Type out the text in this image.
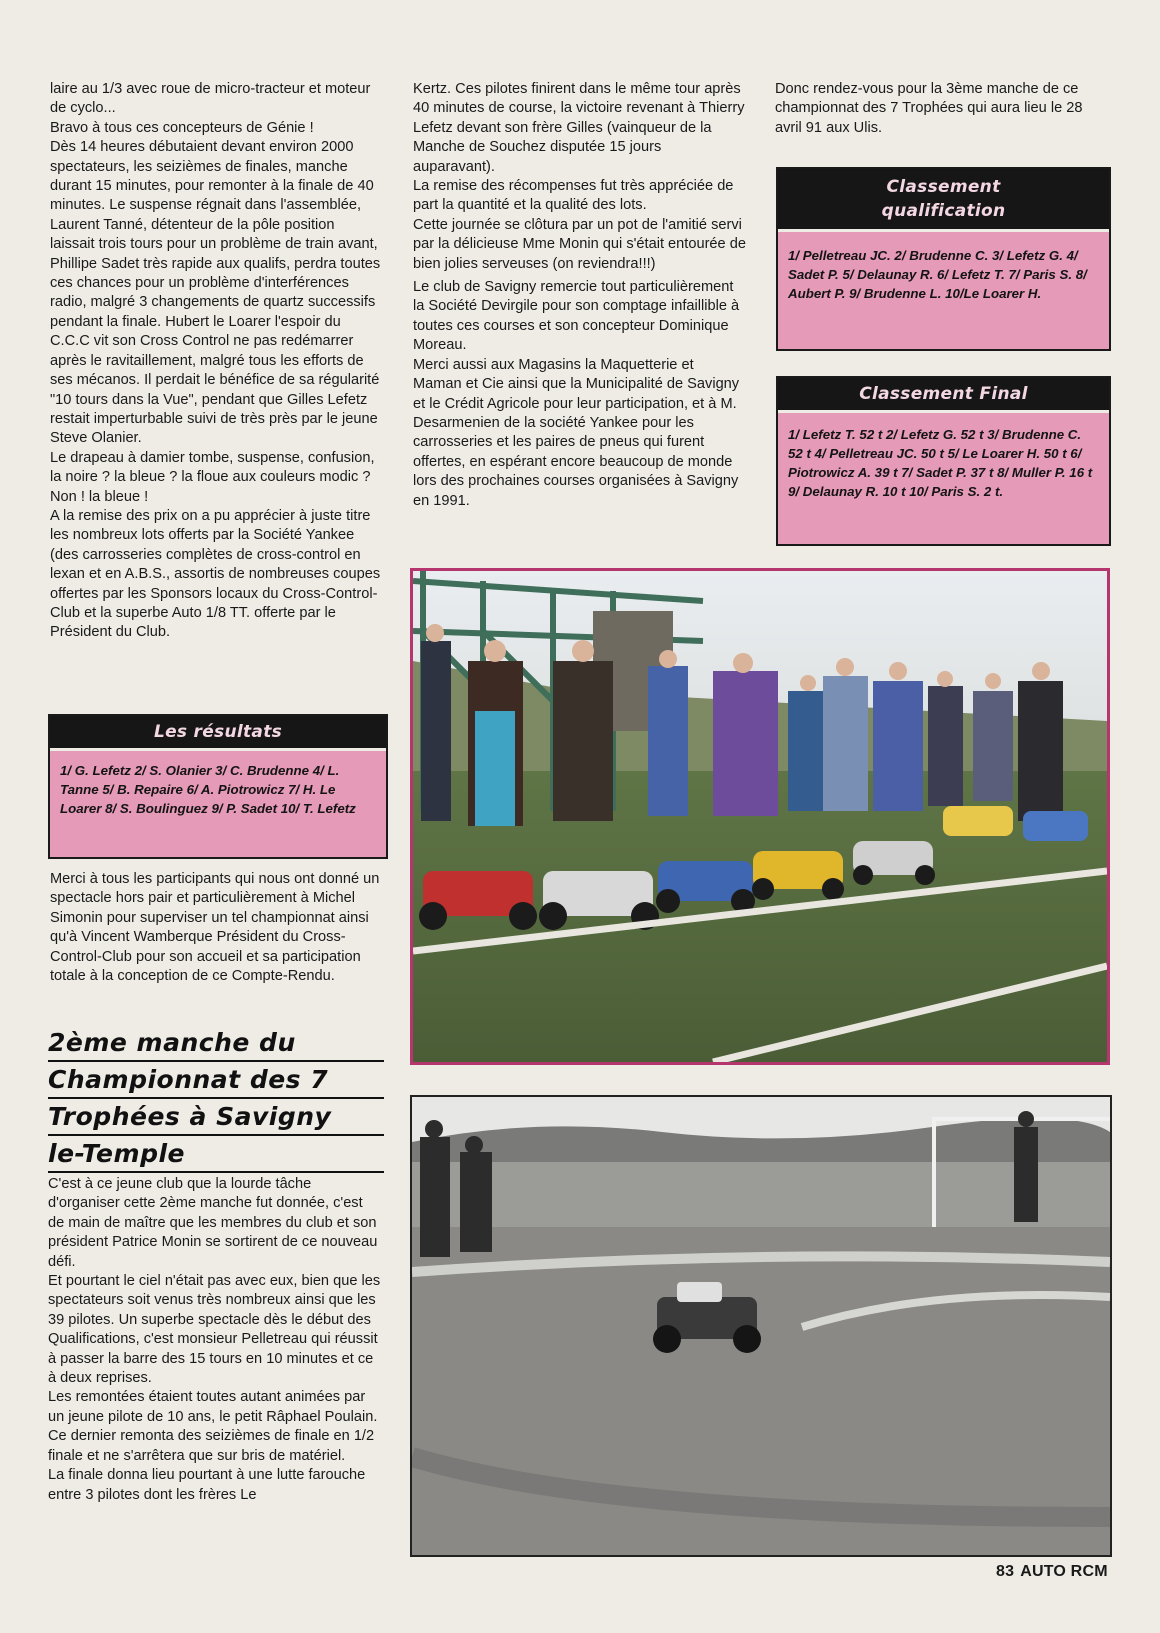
laire au 1/3 avec roue de micro-tracteur et moteur de cyclo...

Bravo à tous ces concepteurs de Génie !

Dès 14 heures débutaient devant environ 2000 spectateurs, les seizièmes de finales, manche durant 15 minutes, pour remonter à la finale de 40 minutes. Le suspense régnait dans l'assemblée, Laurent Tanné, détenteur de la pôle position laissait trois tours pour un problème de train avant, Phillipe Sadet très rapide aux qualifs, perdra toutes ces chances pour un problème d'interférences radio, malgré 3 changements de quartz successifs pendant la finale. Hubert le Loarer l'espoir du C.C.C vit son Cross Control ne pas redémarrer après le ravitaillement, malgré tous les efforts de ses mécanos. Il perdait le bénéfice de sa régularité "10 tours dans la Vue", pendant que Gilles Lefetz restait imperturbable suivi de très près par le jeune Steve Olanier.

Le drapeau à damier tombe, suspense, confusion, la noire ? la bleue ? la floue aux couleurs modic ? Non ! la bleue !

A la remise des prix on a pu apprécier à juste titre les nombreux lots offerts par la Société Yankee (des carrosseries complètes de cross-control en lexan et en A.B.S., assortis de nombreuses coupes offertes par les Sponsors locaux du Cross-Control-Club et la superbe Auto 1/8 TT. offerte par le Président du Club.

Les résultats
1/ G. Lefetz 2/ S. Olanier 3/ C. Brudenne 4/ L. Tanne 5/ B. Repaire 6/ A. Piotrowicz 7/ H. Le Loarer 8/ S. Boulinguez 9/ P. Sadet 10/ T. Lefetz

Merci à tous les participants qui nous ont donné un spectacle hors pair et particulièrement à Michel Simonin pour superviser un tel championnat ainsi qu'à Vincent Wamberque Président du Cross-Control-Club pour son accueil et sa participation totale à la conception de ce Compte-Rendu.

2ème manche du
Championnat des 7
Trophées à Savigny
le-Temple

C'est à ce jeune club que la lourde tâche d'organiser cette 2ème manche fut donnée, c'est de main de maître que les membres du club et son président Patrice Monin se sortirent de ce nouveau défi.

Et pourtant le ciel n'était pas avec eux, bien que les spectateurs soit venus très nombreux ainsi que les 39 pilotes. Un superbe spectacle dès le début des Qualifications, c'est monsieur Pelletreau qui réussit à passer la barre des 15 tours en 10 minutes et ce à deux reprises.

Les remontées étaient toutes autant animées par un jeune pilote de 10 ans, le petit Râphael Poulain.

Ce dernier remonta des seizièmes de finale en 1/2 finale et ne s'arrêtera que sur bris de matériel.

La finale donna lieu pourtant à une lutte farouche entre 3 pilotes dont les frères Le

Kertz. Ces pilotes finirent dans le même tour après 40 minutes de course, la victoire revenant à Thierry Lefetz devant son frère Gilles (vainqueur de la Manche de Souchez disputée 15 jours auparavant).

La remise des récompenses fut très appréciée de part la quantité et la qualité des lots.

Cette journée se clôtura par un pot de l'amitié servi par la délicieuse Mme Monin qui s'était entourée de bien jolies serveuses (on reviendra!!!)

Le club de Savigny remercie tout particulièrement la Société Devirgile pour son comptage infaillible à toutes ces courses et son concepteur Dominique Moreau.

Merci aussi aux Magasins la Maquetterie et Maman et Cie ainsi que la Municipalité de Savigny et le Crédit Agricole pour leur participation, et à M. Desarmenien de la société Yankee pour les carrosseries et les paires de pneus qui furent offertes, en espérant encore beaucoup de monde lors des prochaines courses organisées à Savigny en 1991.

Donc rendez-vous pour la 3ème manche de ce championnat des 7 Trophées qui aura lieu le 28 avril 91 aux Ulis.

Classement
qualification
1/ Pelletreau JC. 2/ Brudenne C. 3/ Lefetz G. 4/ Sadet P. 5/ Delaunay R. 6/ Lefetz T. 7/ Paris S. 8/ Aubert P. 9/ Brudenne L. 10/Le Loarer H.
Classement Final
1/ Lefetz T. 52 t 2/ Lefetz G. 52 t 3/ Brudenne C. 52 t 4/ Pelletreau JC. 50 t 5/ Le Loarer H. 50 t 6/ Piotrowicz A. 39 t 7/ Sadet P. 37 t 8/ Muller P. 16 t 9/ Delaunay R. 10 t 10/ Paris S. 2 t.
83 AUTO RCM
